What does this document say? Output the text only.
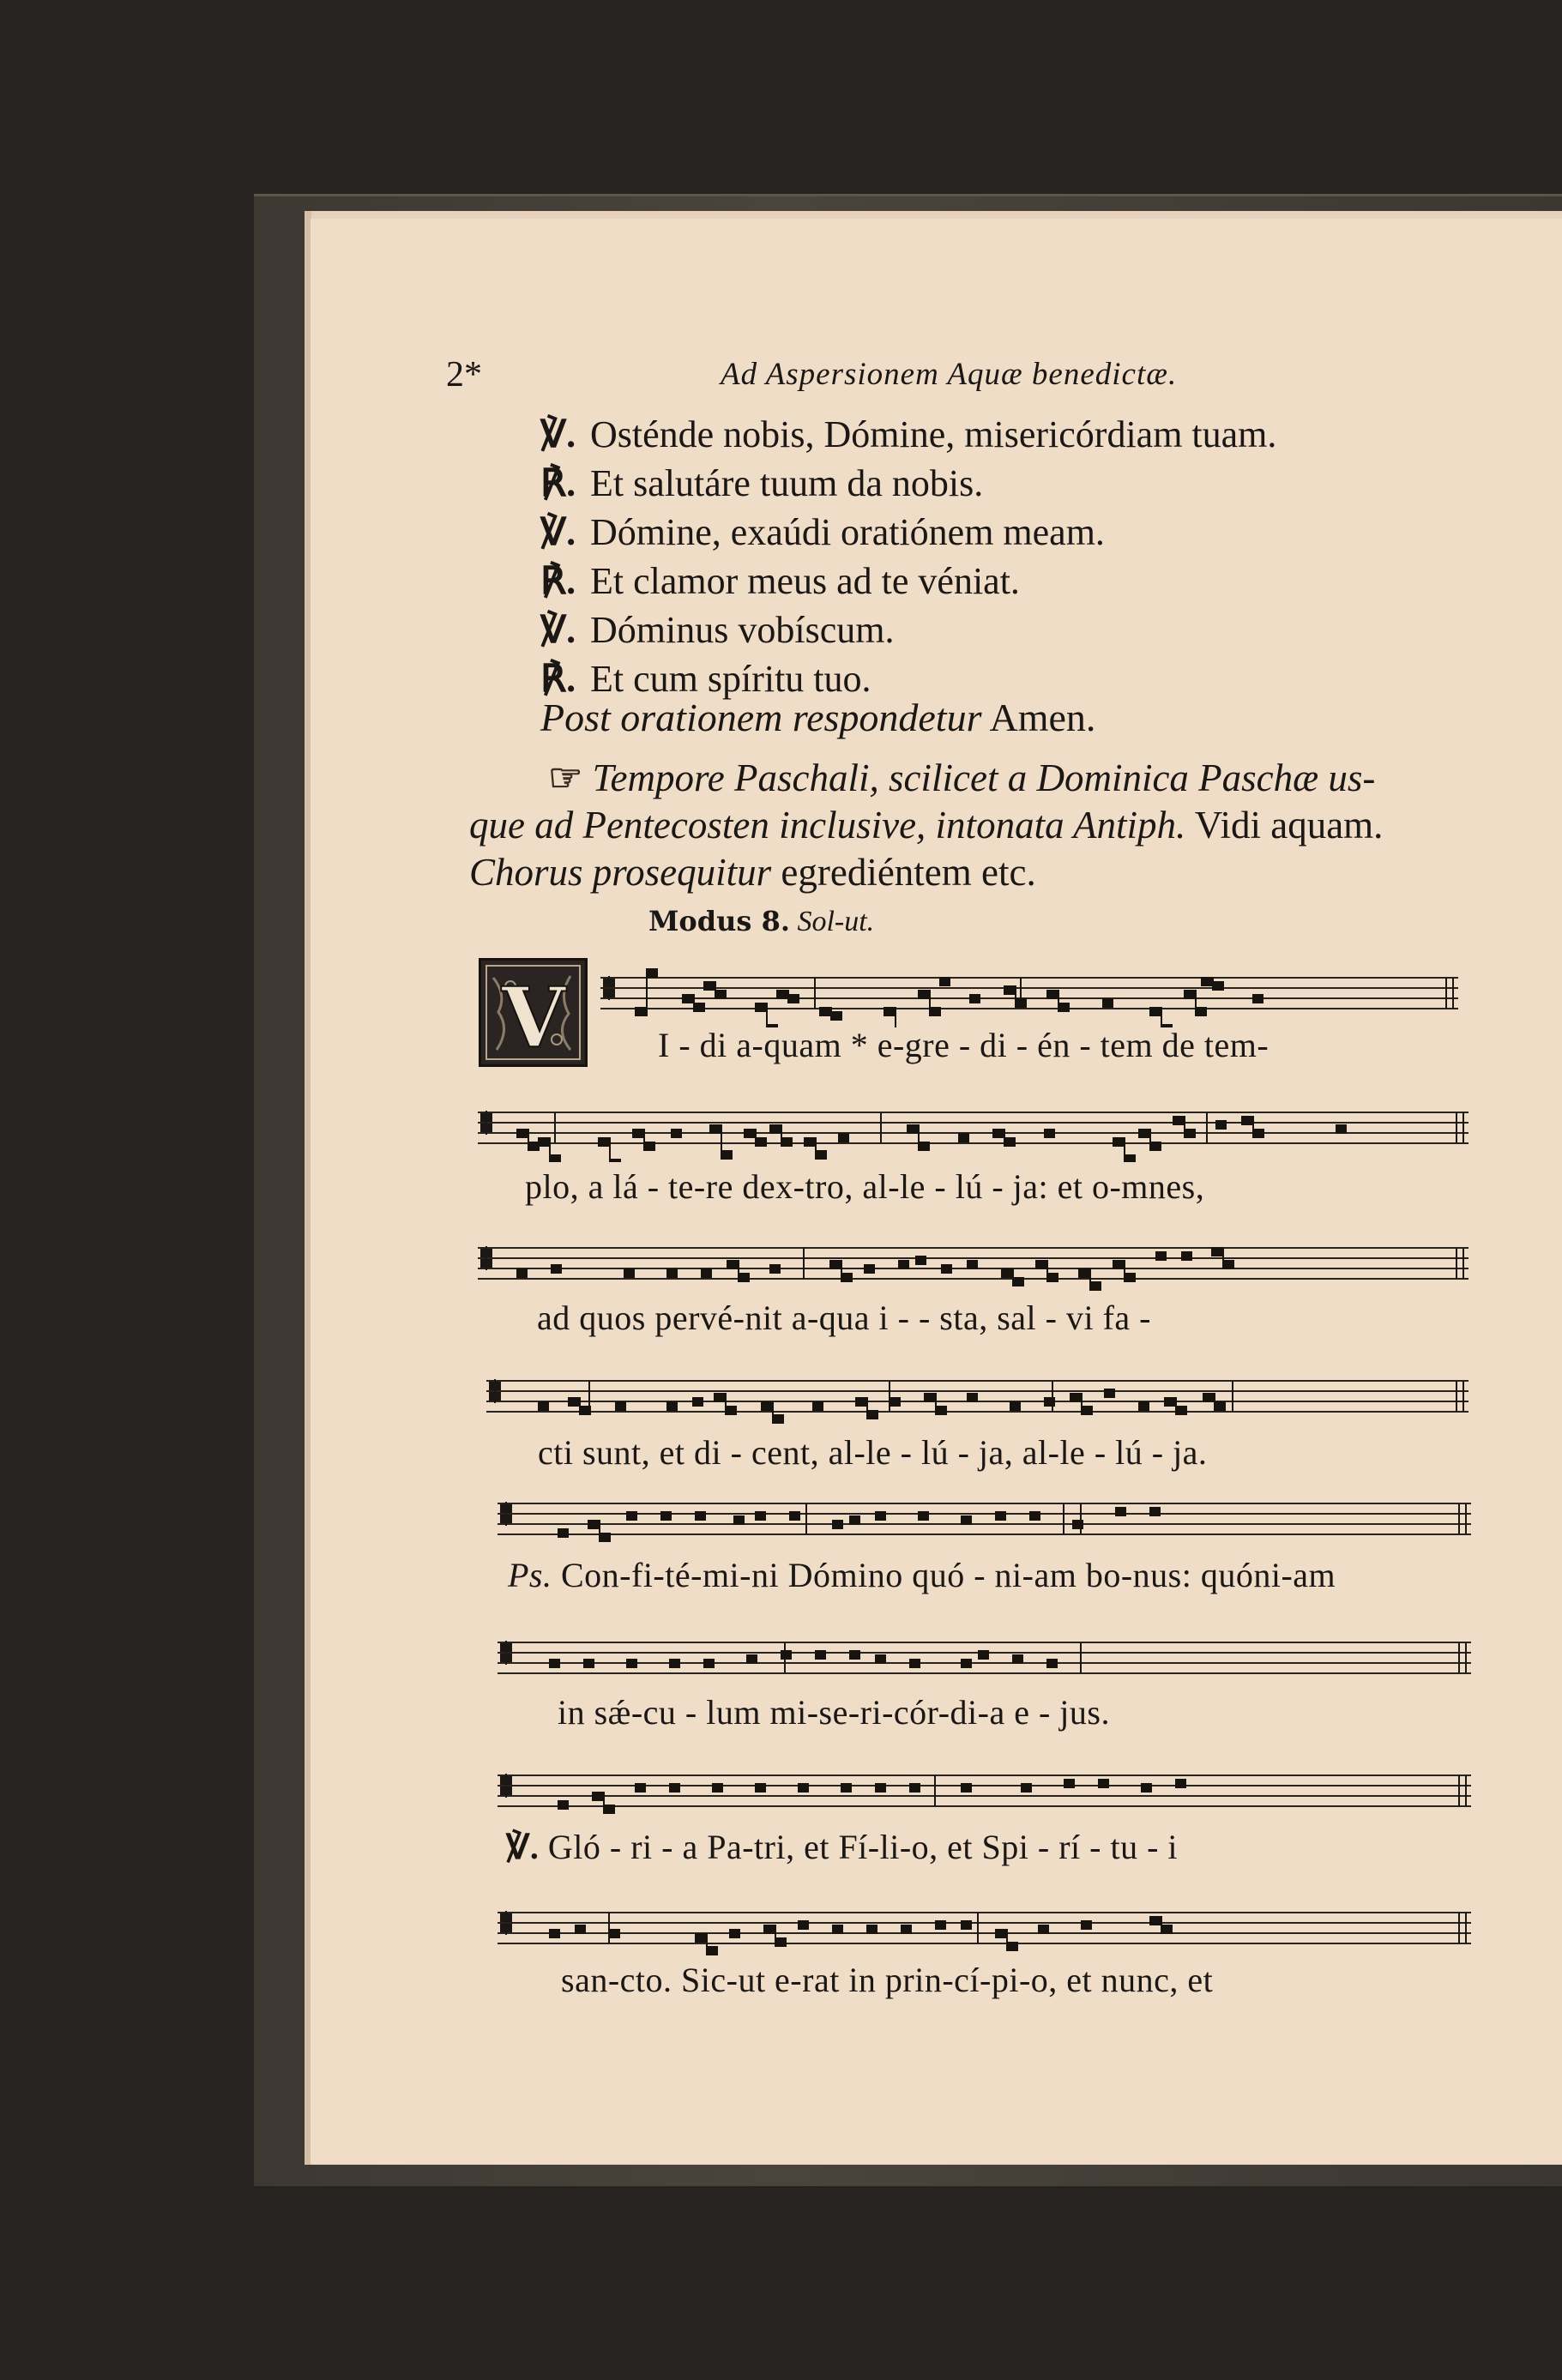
2*	Ad Aspersionem Aquæ benedictæ.
℣. Osténde nobis, Dómine, misericórdiam tuam.
℟. Et salutáre tuum da nobis.
℣. Dómine, exaúdi oratiónem meam.
℟. Et clamor meus ad te véniat.
℣. Dóminus vobíscum.
℟. Et cum spíritu tuo.
Post orationem respondetur Amen.

☞ Tempore Paschali, scilicet a Dominica Paschæ us-

que ad Pentecosten inclusive, intonata Antiph. Vidi aquam.

Chorus prosequitur egrediéntem etc.

Modus 8. Sol-ut.
V	I - di a-quam * e-gre - di - én - tem de tem-
plo, a lá - te-re dex-tro, al-le - lú - ja: et o-mnes,
ad quos pervé-nit a-qua i - - sta, sal - vi fa -
cti sunt, et di - cent, al-le - lú - ja, al-le - lú - ja.
Ps. Con-fi-té-mi-ni Dómino quó - ni-am bo-nus: quóni-am
in sǽ-cu - lum mi-se-ri-cór-di-a e - jus.
℣. Gló - ri - a Pa-tri, et Fí-li-o, et Spi - rí - tu - i
san-cto. Sic-ut e-rat in prin-cí-pi-o, et nunc, et
